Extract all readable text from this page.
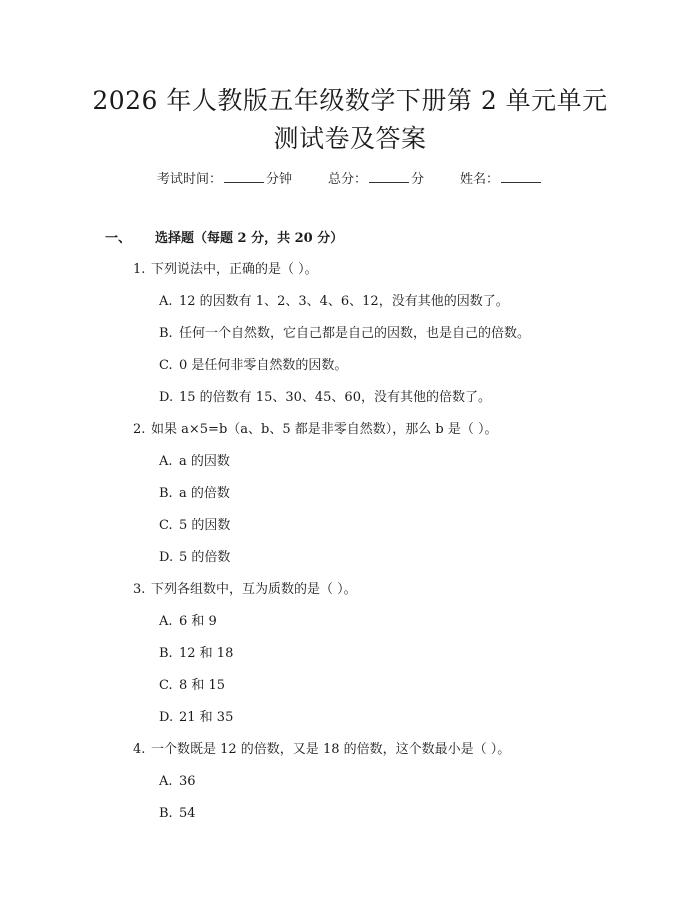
2026 年人教版五年级数学下册第 2 单元单元测试卷及答案
考试时间：	分钟	总分：	分	姓名：
一、 选择题（每题 2 分，共 20 分）
1. 下列说法中，正确的是（ ）。
A. 12 的因数有 1、2、3、4、6、12，没有其他的因数了。
B. 任何一个自然数，它自己都是自己的因数，也是自己的倍数。
C. 0 是任何非零自然数的因数。
D. 15 的倍数有 15、30、45、60，没有其他的倍数了。
2. 如果 a×5=b（a、b、5 都是非零自然数），那么 b 是（ ）。
A. a 的因数
B. a 的倍数
C. 5 的因数
D. 5 的倍数
3. 下列各组数中，互为质数的是（ ）。
A. 6 和 9
B. 12 和 18
C. 8 和 15
D. 21 和 35
4. 一个数既是 12 的倍数，又是 18 的倍数，这个数最小是（ ）。
A. 36
B. 54
